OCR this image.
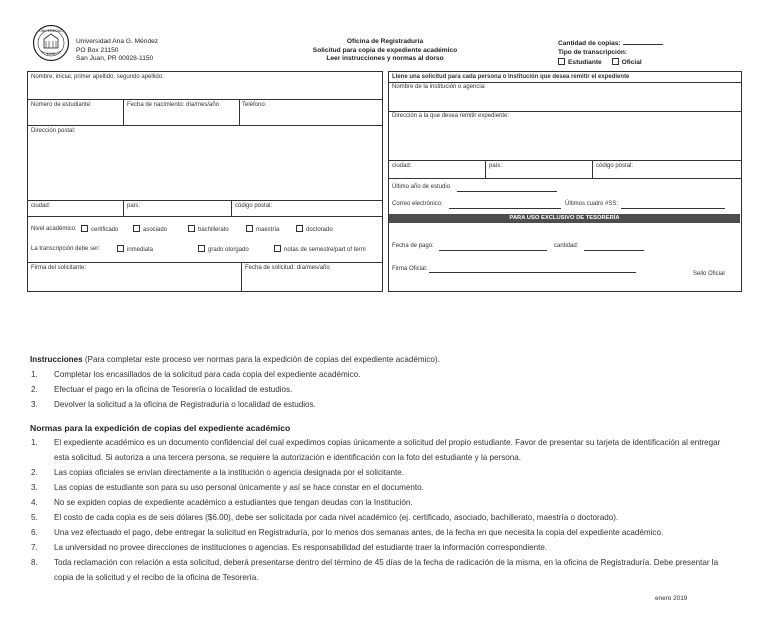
· UNIVERSIDAD ·
1949
Universidad Ana G. Méndez
PO Box 21150
San Juan, PR 00928-1150
Oficina de Registraduría
Solicitud para copia de expediente académico
Leer instrucciones y normas al dorso
Cantidad de copias:
Tipo de transcripción:
Estudiante	Oficial
Nombre, inicial, primer apellido, segundo apellido:
Número de estudiante:	Fecha de nacimiento: día/mes/año	Teléfono:
Dirección postal:
ciudad:	país:	código postal:
Nivel académico:	certificado	asociado	bachillerato	maestría	doctorado
La transcripción debe ser:	inmediata	grado otorgado	notas de semestre/part of term
Firma del solicitante:	Fecha de solicitud: día/mes/año
Llene una solicitud para cada persona o Institución que desea remitir el expediente
Nombre de la institución o agencia:
Dirección a la que desea remitir expediente:
ciudad:	país:	código postal:
Último año de estudio
Correo electrónico:	Últimos cuatro #SS:
PARA USO EXCLUSIVO DE TESORERÍA
Fecha de pago:	cantidad:
Firma Oficial:
Sello Oficial
Instrucciones (Para completar este proceso ver normas para la expedición de copias del expediente académico).
1. Completar los encasillados de la solicitud para cada copia del expediente académico.
2. Efectuar el pago en la oficina de Tesorería o localidad de estudios.
3. Devolver la solicitud a la oficina de Registraduría o localidad de estudios.
Normas para la expedición de copias del expediente académico
1. El expediente académico es un documento confidencial del cual expedimos copias únicamente a solicitud del propio estudiante. Favor de presentar su tarjeta de identificación al entregar
esta solicitud. Si autoriza a una tercera persona, se requiere la autorización e identificación con la foto del estudiante y la persona.
2. Las copias oficiales se envían directamente a la institución o agencia designada por el solicitante.
3. Las copias de estudiante son para su uso personal únicamente y así se hace constar en el documento.
4. No se expiden copias de expediente académico a estudiantes que tengan deudas con la Institución.
5. El costo de cada copia es de seis dólares ($6.00), debe ser solicitada por cada nivel académico (ej. certificado, asociado, bachillerato, maestría o doctorado).
6. Una vez efectuado el pago, debe entregar la solicitud en Registraduría, por lo menos dos semanas antes, de la fecha en que necesita la copia del expediente académico.
7. La universidad no provee direcciones de instituciones o agencias. Es responsabilidad del estudiante traer la información correspondiente.
8. Toda reclamación con relación a esta solicitud, deberá presentarse dentro del término de 45 días de la fecha de radicación de la misma, en la oficina de Registraduría. Debe presentar la
copia de la solicitud y el recibo de la oficina de Tesorería.
enero 2019
